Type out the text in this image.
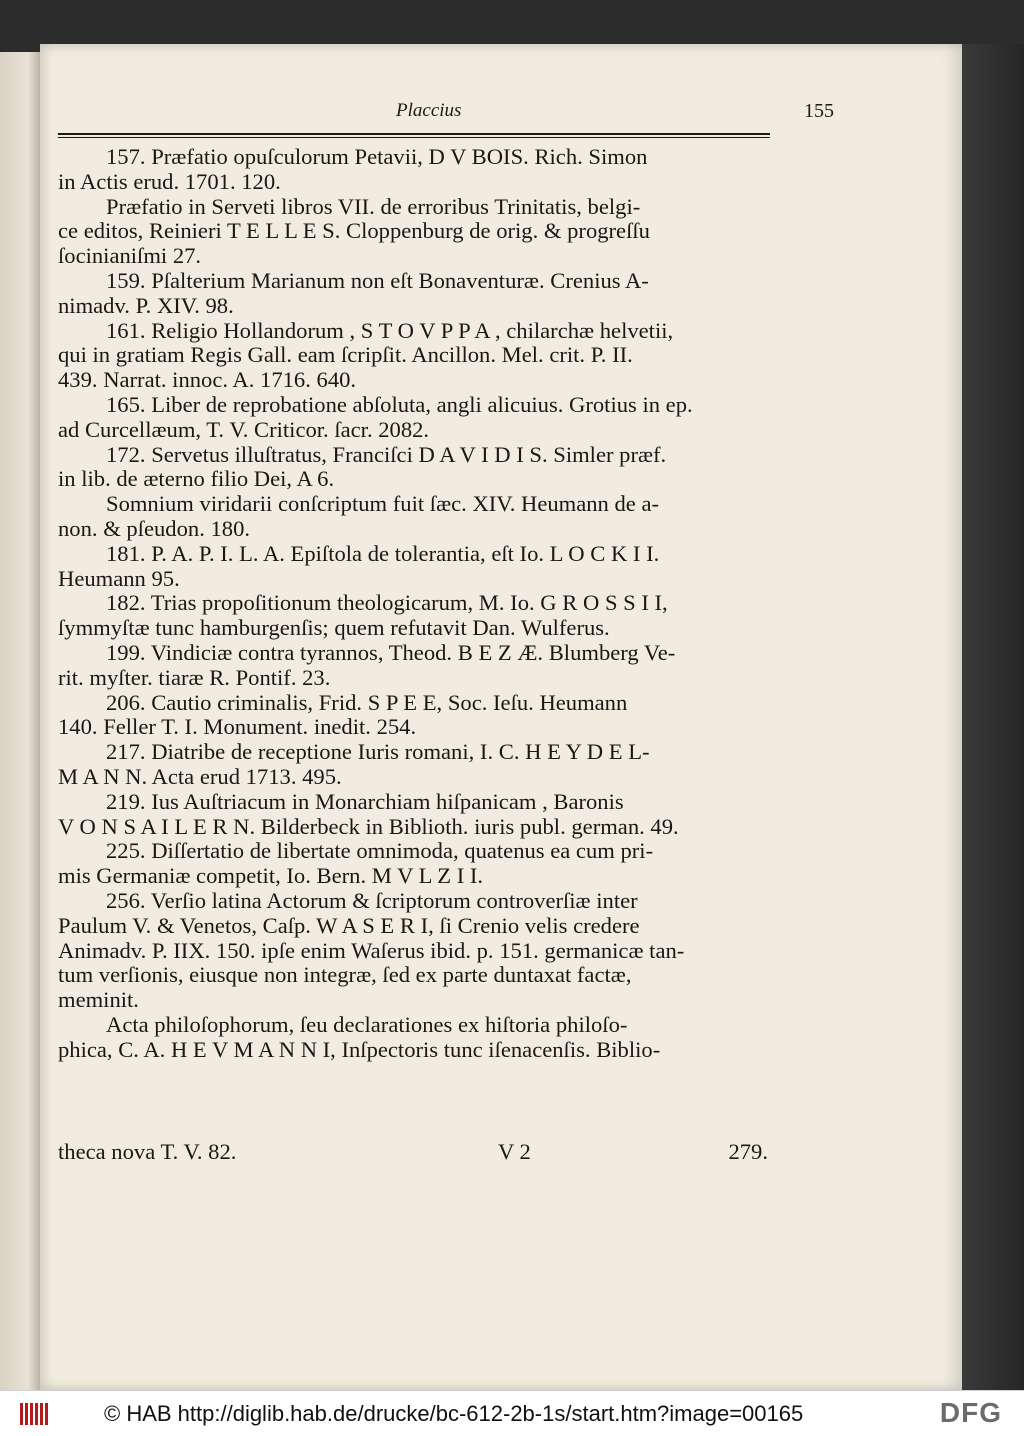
Placcius	155
157. Præfatio opuſculorum Petavii, D V BOIS. Rich. Simon
in Actis erud. 1701. 120.
Præfatio in Serveti libros VII. de erroribus Trinitatis, belgi-
ce editos, Reinieri T E L L E S. Cloppenburg de orig. & progreſſu
ſocinianiſmi 27.
159. Pſalterium Marianum non eſt Bonaventuræ. Crenius A-
nimadv. P. XIV. 98.
161. Religio Hollandorum , S T O V P P A , chilarchæ helvetii,
qui in gratiam Regis Gall. eam ſcripſit. Ancillon. Mel. crit. P. II.
439. Narrat. innoc. A. 1716. 640.
165. Liber de reprobatione abſoluta, angli alicuius. Grotius in ep.
ad Curcellæum, T. V. Criticor. ſacr. 2082.
172. Servetus illuſtratus, Franciſci D A V I D I S. Simler præf.
in lib. de æterno filio Dei, A 6.
Somnium viridarii conſcriptum fuit ſæc. XIV. Heumann de a-
non. & pſeudon. 180.
181. P. A. P. I. L. A. Epiſtola de tolerantia, eſt Io. L O C K I I.
Heumann 95.
182. Trias propoſitionum theologicarum, M. Io. G R O S S I I,
ſymmyſtæ tunc hamburgenſis; quem refutavit Dan. Wulferus.
199. Vindiciæ contra tyrannos, Theod. B E Z Æ. Blumberg Ve-
rit. myſter. tiaræ R. Pontif. 23.
206. Cautio criminalis, Frid. S P E E, Soc. Ieſu. Heumann
140. Feller T. I. Monument. inedit. 254.
217. Diatribe de receptione Iuris romani, I. C. H E Y D E L-
M A N N. Acta erud 1713. 495.
219. Ius Auſtriacum in Monarchiam hiſpanicam , Baronis
V O N S A I L E R N. Bilderbeck in Biblioth. iuris publ. german. 49.
225. Diſſertatio de libertate omnimoda, quatenus ea cum pri-
mis Germaniæ competit, Io. Bern. M V L Z I I.
256. Verſio latina Actorum & ſcriptorum controverſiæ inter
Paulum V. & Venetos, Caſp. W A S E R I, ſi Crenio velis credere
Animadv. P. IIX. 150. ipſe enim Waſerus ibid. p. 151. germanicæ tan-
tum verſionis, eiusque non integræ, ſed ex parte duntaxat factæ,
meminit.
Acta philoſophorum, ſeu declarationes ex hiſtoria philoſo-
phica, C. A. H E V M A N N I, Inſpectoris tunc iſenacenſis. Biblio-
theca nova T. V. 82.	V 2	279.
© HAB http://diglib.hab.de/drucke/bc-612-2b-1s/start.htm?image=00165	DFG
